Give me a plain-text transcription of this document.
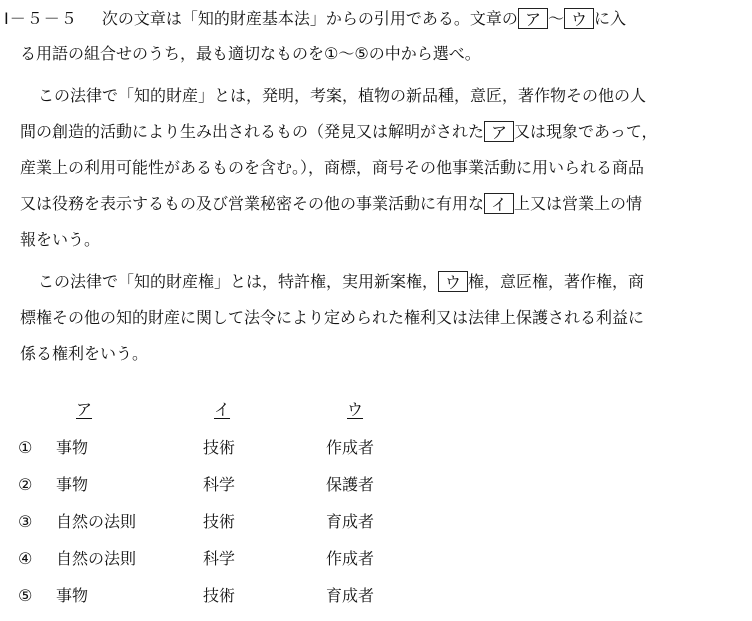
Ⅰ－５－５ 次の文章は「知的財産基本法」からの引用である。文章の ア ～ ウ に入
る用語の組合せのうち，最も適切なものを①～⑤の中から選べ。
この法律で「知的財産」とは，発明，考案，植物の新品種，意匠，著作物その他の人
間の創造的活動により生み出されるもの（発見又は解明がされた ア 又は現象であって，
産業上の利用可能性があるものを含む。），商標，商号その他事業活動に用いられる商品
又は役務を表示するもの及び営業秘密その他の事業活動に有用な イ 上又は営業上の情
報をいう。
この法律で「知的財産権」とは，特許権，実用新案権， ウ 権，意匠権，著作権，商
標権その他の知的財産に関して法令により定められた権利又は法律上保護される利益に
係る権利をいう。
ア	イ	ウ
① 事物	技術	作成者
② 事物	科学	保護者
③ 自然の法則	技術	育成者
④ 自然の法則	科学	作成者
⑤ 事物	技術	育成者
